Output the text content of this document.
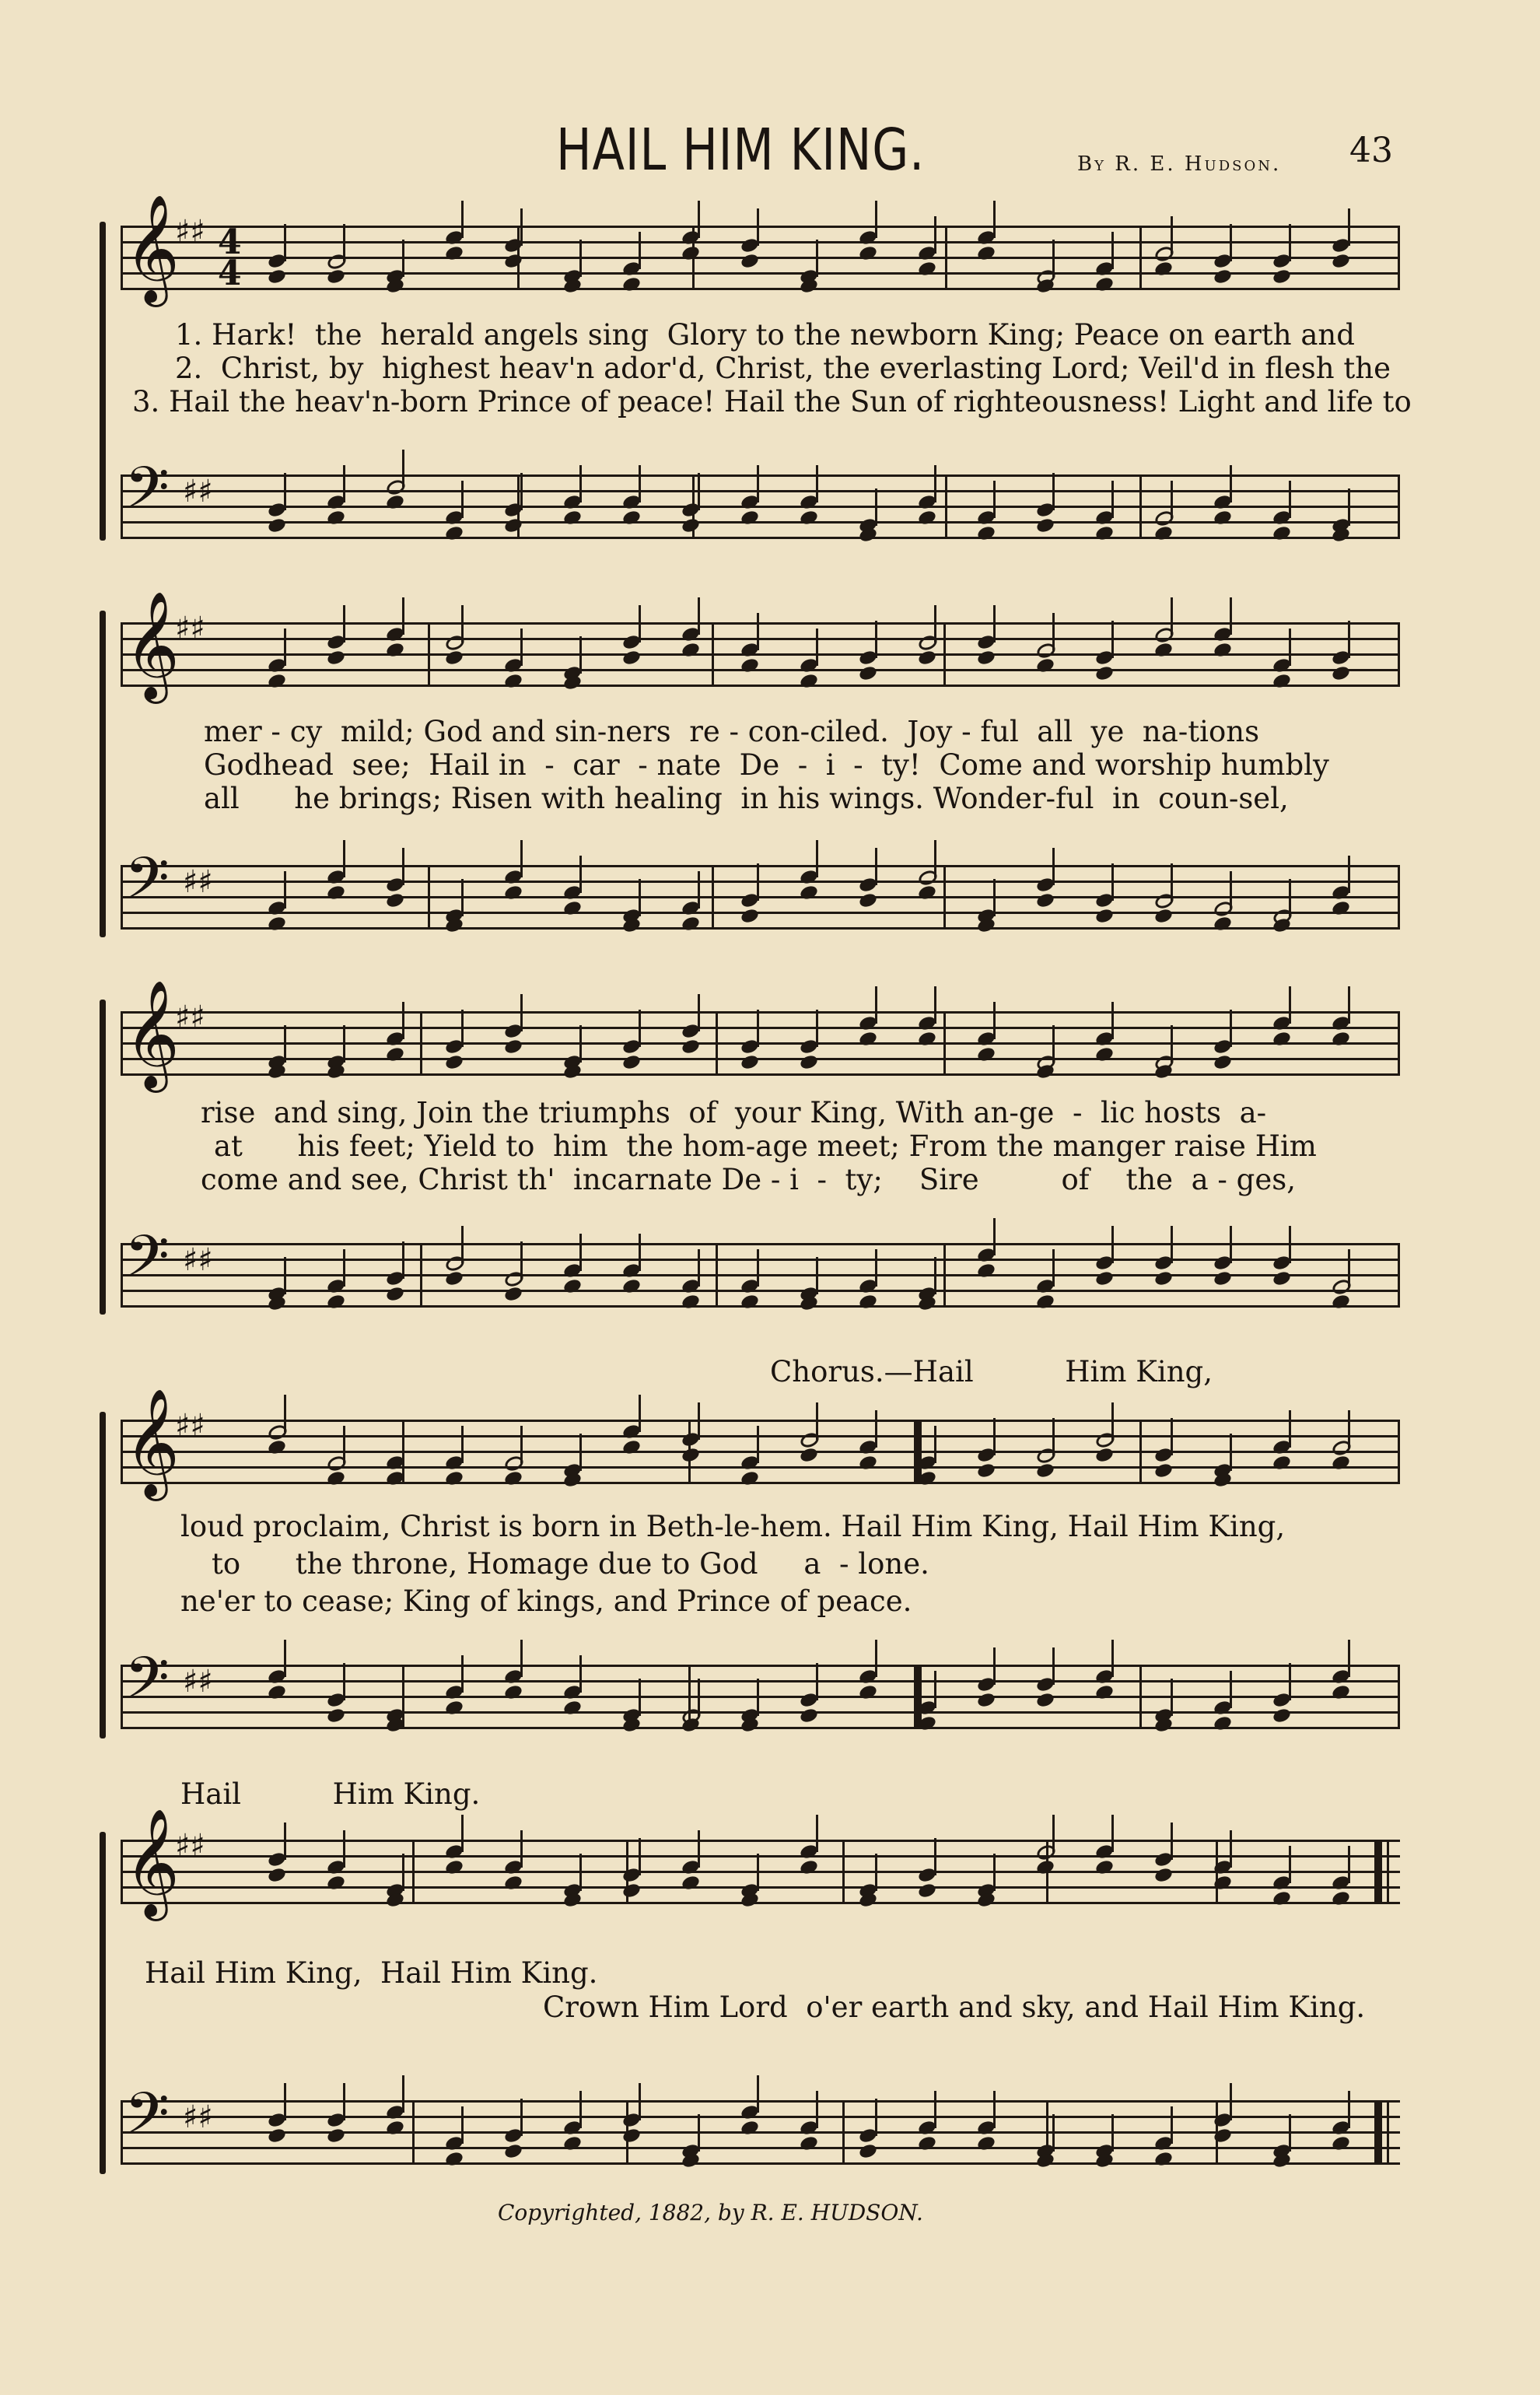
HAIL HIM KING.	By R. E. Hudson. 43
𝄞
♯♯ 4
4
1. Hark!  the  herald angels sing  Glory to the newborn King; Peace on earth and
2.  Christ, by  highest heav'n ador'd, Christ, the everlasting Lord; Veil'd in flesh the
3. Hail the heav'n-born Prince of peace! Hail the Sun of righteousness! Light and life to
𝄢 ♯♯
𝄞
♯♯
mer - cy  mild; God and sin-ners  re - con-ciled.  Joy - ful  all  ye  na-tions
Godhead  see;  Hail in  -  car  - nate  De  -  i  -  ty!  Come and worship humbly
all      he brings; Risen with healing  in his wings. Wonder-ful  in  coun-sel,
𝄢 ♯♯
𝄞
♯♯
rise  and sing, Join the triumphs  of  your King, With an-ge  -  lic hosts  a-
at      his feet; Yield to  him  the hom-age meet; From the manger raise Him
come and see, Christ th'  incarnate De - i  -  ty;    Sire         of    the  a - ges,
𝄢 ♯♯
Chorus.—Hail          Him King,
𝄞
♯♯
loud proclaim, Christ is born in Beth-le-hem. Hail Him King, Hail Him King,
to      the throne, Homage due to God     a  - lone.
ne'er to cease; King of kings, and Prince of peace.
𝄢 ♯♯
Hail          Him King.
𝄞
♯♯
Hail Him King,  Hail Him King.
Crown Him Lord  o'er earth and sky, and Hail Him King.
𝄢 ♯♯
Copyrighted, 1882, by R. E. HUDSON.
